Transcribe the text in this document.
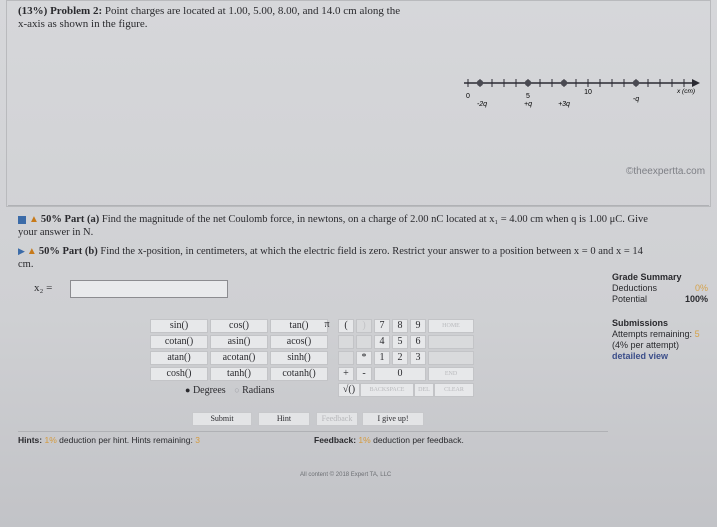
(13%) Problem 2: Point charges are located at 1.00, 5.00, 8.00, and 14.0 cm along the
x-axis as shown in the figure.
0	5
10	x (cm)
-2q	+q	+3q
-q
©theexpertta.com
▲ 50% Part (a) Find the magnitude of the net Coulomb force, in newtons, on a charge of 2.00 nC located at x₁ = 4.00 cm when q is 1.00 μC. Give
your answer in N.
▶ ▲ 50% Part (b) Find the x-position, in centimeters, at which the electric field is zero. Restrict your answer to a position between x = 0 and x = 14
cm.
x₂ =
Grade Summary
Deductions	0%
Potential	100%
Submissions
Attempts remaining: 5
(4% per attempt)
detailed view
sin()	cos()	tan()
cotan()	asin()	acos()
atan()	acotan()	sinh()
cosh()	tanh()	cotanh()
π	(	)
*
+	-
√()
7	8	9
4	5	6
1	2	3
0
HOME
END
BACKSPACE	DEL	CLEAR
● Degrees ○ Radians
Submit	Hint	Feedback	I give up!
Hints: 1% deduction per hint. Hints remaining: 3	Feedback: 1% deduction per feedback.
All content © 2018 Expert TA, LLC
